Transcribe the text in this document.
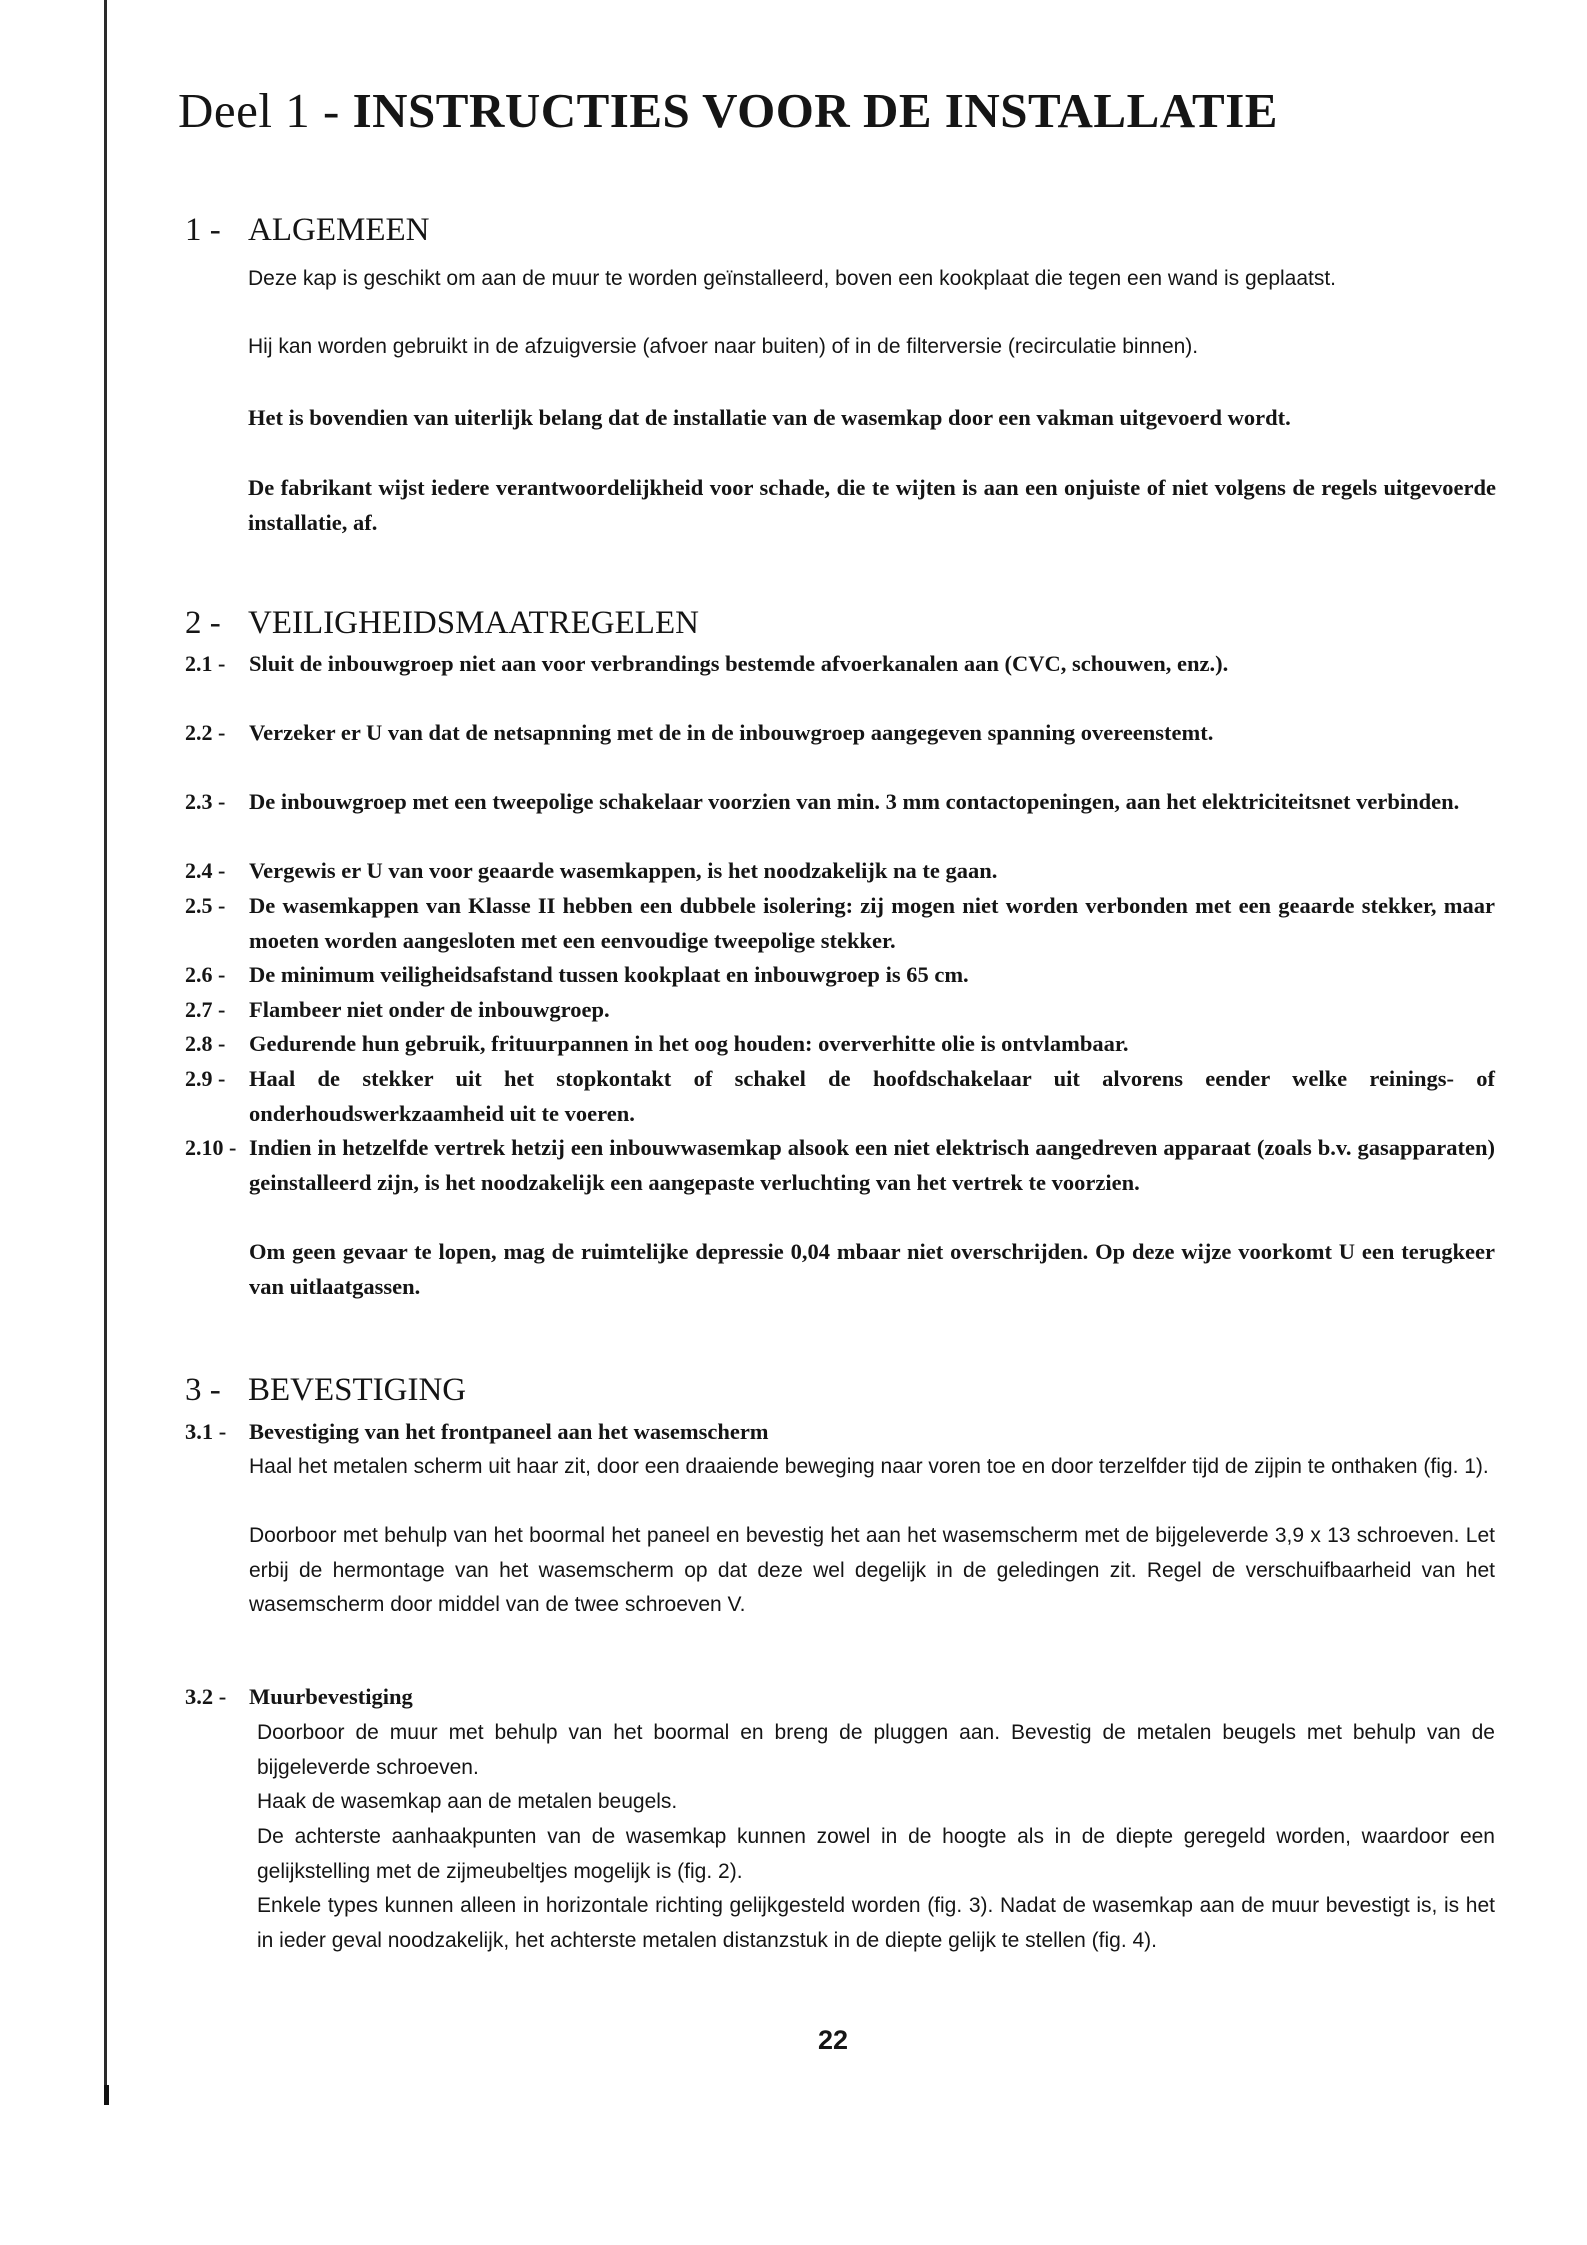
Deel 1 - INSTRUCTIES VOOR DE INSTALLATIE
1 - ALGEMEEN

Deze kap is geschikt om aan de muur te worden geïnstalleerd, boven een kookplaat die tegen een wand is geplaatst.

Hij kan worden gebruikt in de afzuigversie (afvoer naar buiten) of in de filterversie (recirculatie binnen).

Het is bovendien van uiterlijk belang dat de installatie van de wasemkap door een vakman uitgevoerd wordt.

De fabrikant wijst iedere verantwoordelijkheid voor schade, die te wijten is aan een onjuiste of niet volgens de regels uitgevoerde installatie, af.

2 - VEILIGHEIDSMAATREGELEN
2.1 -	Sluit de inbouwgroep niet aan voor verbrandings bestemde afvoerkanalen aan (CVC, schouwen, enz.).
2.2 -	Verzeker er U van dat de netsapnning met de in de inbouwgroep aangegeven spanning overeenstemt.
2.3 -	De inbouwgroep met een tweepolige schakelaar voorzien van min. 3 mm contactopeningen, aan het elektriciteitsnet verbinden.
2.4 -	Vergewis er U van voor geaarde wasemkappen, is het noodzakelijk na te gaan.
2.5 -	De wasemkappen van Klasse II hebben een dubbele isolering: zij mogen niet worden verbonden met een geaarde stekker, maar moeten worden aangesloten met een eenvoudige tweepolige stekker.
2.6 -	De minimum veiligheidsafstand tussen kookplaat en inbouwgroep is 65 cm.
2.7 -	Flambeer niet onder de inbouwgroep.
2.8 -	Gedurende hun gebruik, frituurpannen in het oog houden: oververhitte olie is ontvlambaar.
2.9 -	Haal de stekker uit het stopkontakt of schakel de hoofdschakelaar uit alvorens eender welke reinings- of onderhoudswerkzaamheid uit te voeren.
2.10 - Indien in hetzelfde vertrek hetzij een inbouwwasemkap alsook een niet elektrisch aangedreven apparaat (zoals b.v. gasapparaten) geinstalleerd zijn, is het noodzakelijk een aangepaste verluchting van het vertrek te voorzien.

Om geen gevaar te lopen, mag de ruimtelijke depressie 0,04 mbaar niet overschrijden. Op deze wijze voorkomt U een terugkeer van uitlaatgassen.

3 - BEVESTIGING
3.1 - Bevestiging van het frontpaneel aan het wasemscherm

Haal het metalen scherm uit haar zit, door een draaiende beweging naar voren toe en door terzelfder tijd de zijpin te onthaken (fig. 1).

Doorboor met behulp van het boormal het paneel en bevestig het aan het wasemscherm met de bijgeleverde 3,9 x 13 schroeven. Let erbij de hermontage van het wasemscherm op dat deze wel degelijk in de geledingen zit. Regel de verschuifbaarheid van het wasemscherm door middel van de twee schroeven V.

3.2 - Muurbevestiging

Doorboor de muur met behulp van het boormal en breng de pluggen aan. Bevestig de metalen beugels met behulp van de bijgeleverde schroeven.

Haak de wasemkap aan de metalen beugels.

De achterste aanhaakpunten van de wasemkap kunnen zowel in de hoogte als in de diepte geregeld worden, waardoor een gelijkstelling met de zijmeubeltjes mogelijk is (fig. 2).

Enkele types kunnen alleen in horizontale richting gelijkgesteld worden (fig. 3). Nadat de wasemkap aan de muur bevestigt is, is het in ieder geval noodzakelijk, het achterste metalen distanzstuk in de diepte gelijk te stellen (fig. 4).

22
